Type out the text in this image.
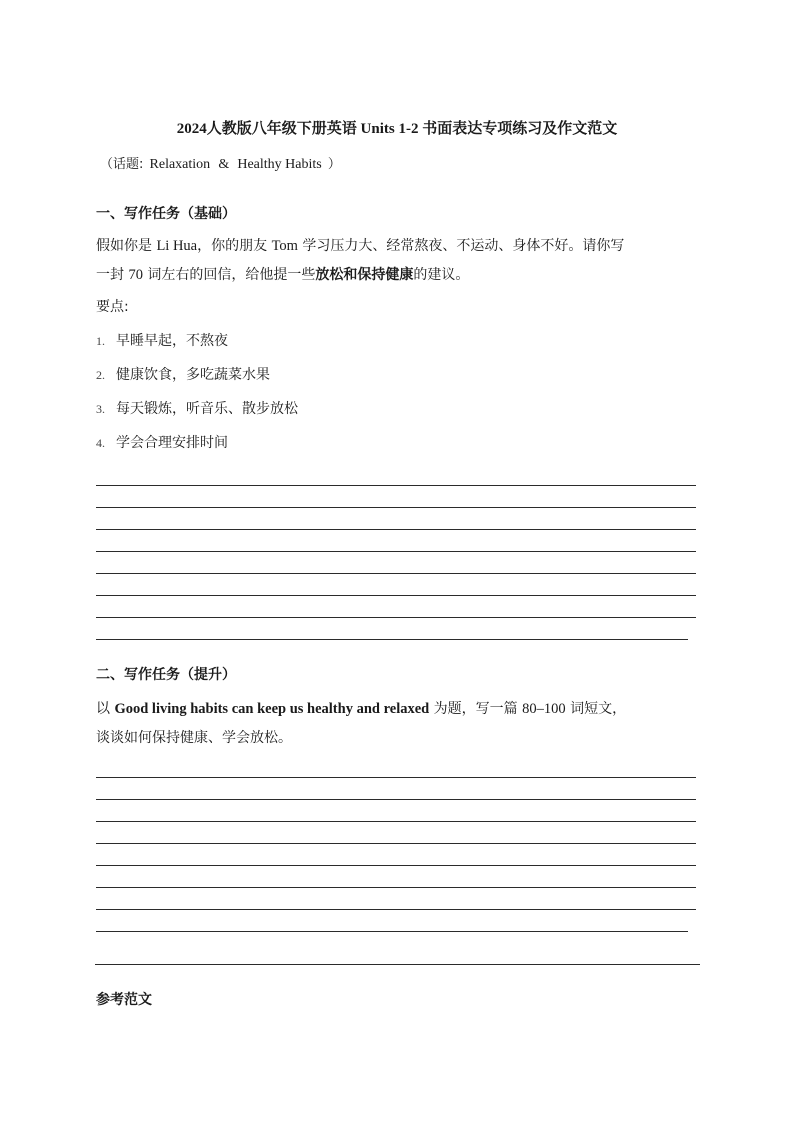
2024人教版八年级下册英语 Units 1-2 书面表达专项练习及作文范文
（话题: Relaxation & Healthy Habits ）
一、写作任务（基础）
假如你是 Li Hua，你的朋友 Tom 学习压力大、经常熬夜、不运动、身体不好。请你写
一封 70 词左右的回信，给他提一些放松和保持健康的建议。
要点:
1. 早睡早起，不熬夜
2. 健康饮食，多吃蔬菜水果
3. 每天锻炼，听音乐、散步放松
4. 学会合理安排时间
二、写作任务（提升）
以 Good living habits can keep us healthy and relaxed 为题，写一篇 80–100 词短文，
谈谈如何保持健康、学会放松。
参考范文
